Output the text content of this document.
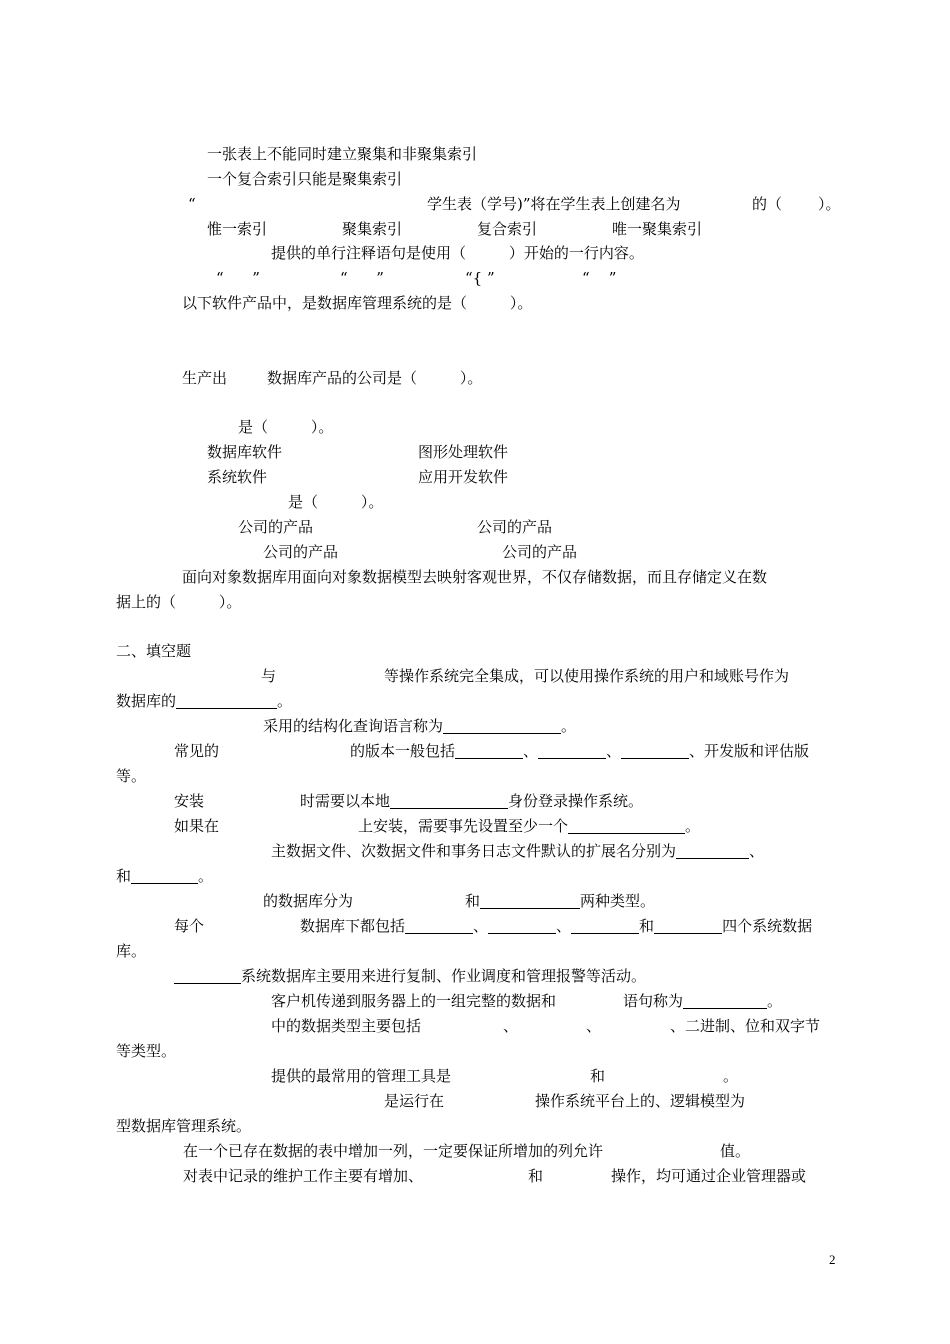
一张表上不能同时建立聚集和非聚集索引
一个复合索引只能是聚集索引
“	学生表（学号)”将在学生表上创建名为	的（ ）。
惟一索引	聚集索引	复合索引	唯一聚集索引
提供的单行注释语句是使用（         ）开始的一行内容。
“      ”	“      ”	“{ ”	“    ”
以下软件产品中，是数据库管理系统的是（         ）。
生产出	数据库产品的公司是（         ）。
是（         ）。
数据库软件	图形处理软件
系统软件	应用开发软件
是（         ）。
公司的产品	公司的产品
公司的产品	公司的产品
面向对象数据库用面向对象数据模型去映射客观世界，不仅存储数据，而且存储定义在数
据上的（         ）。
二、填空题
与	等操作系统完全集成，可以使用操作系统的用户和域账号作为
数据库的	。
采用的结构化查询语言称为	。
常见的	的版本一般包括	、	、	、开发版和评估版
等。
安装	时需要以本地	身份登录操作系统。
如果在	上安装，需要事先设置至少一个	。
主数据文件、次数据文件和事务日志文件默认的扩展名分别为	、
和	。
的数据库分为	和	两种类型。
每个	数据库下都包括	、	、	和	四个系统数据
库。
系统数据库主要用来进行复制、作业调度和管理报警等活动。
客户机传递到服务器上的一组完整的数据和	语句称为	。
中的数据类型主要包括	、	、	、二进制、位和双字节
等类型。
提供的最常用的管理工具是	和	。
是运行在	操作系统平台上的、逻辑模型为
型数据库管理系统。
在一个已存在数据的表中增加一列，一定要保证所增加的列允许	值。
对表中记录的维护工作主要有增加、	和	操作，均可通过企业管理器或
2
